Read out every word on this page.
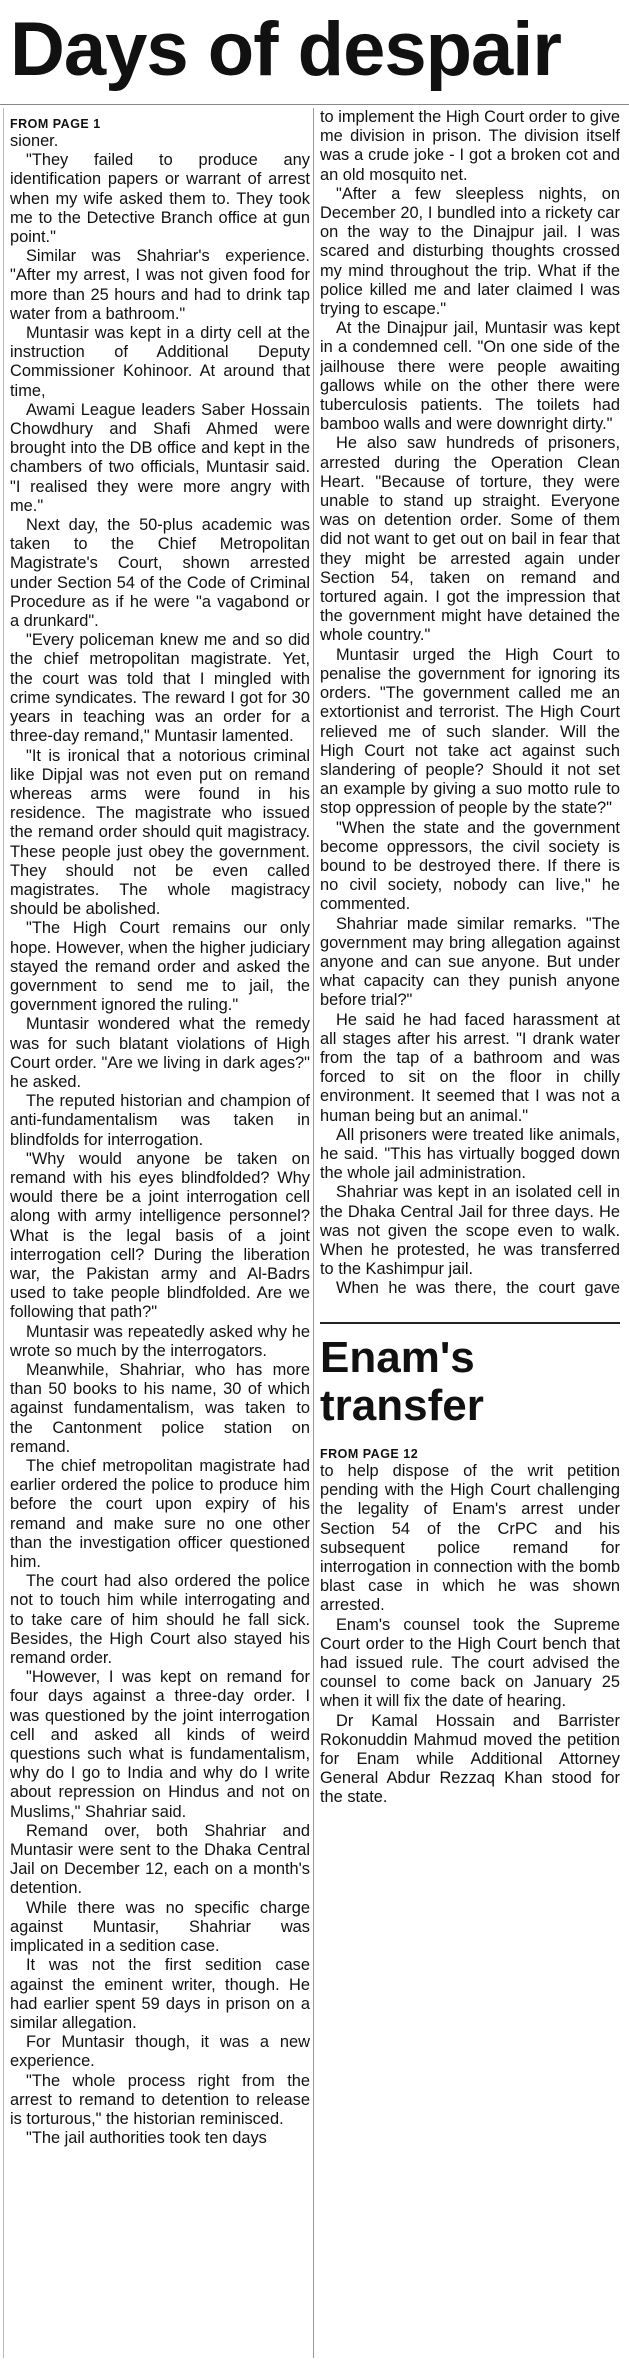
Days of despair
FROM PAGE 1

sioner.

"They failed to produce any identification papers or warrant of arrest when my wife asked them to. They took me to the Detective Branch office at gun point."

Similar was Shahriar's experience. "After my arrest, I was not given food for more than 25 hours and had to drink tap water from a bathroom."

Muntasir was kept in a dirty cell at the instruction of Additional Deputy Commissioner Kohinoor. At around that time,

Awami League leaders Saber Hossain Chowdhury and Shafi Ahmed were brought into the DB office and kept in the chambers of two officials, Muntasir said. "I realised they were more angry with me."

Next day, the 50-plus academic was taken to the Chief Metropolitan Magistrate's Court, shown arrested under Section 54 of the Code of Criminal Procedure as if he were "a vagabond or a drunkard".

"Every policeman knew me and so did the chief metropolitan magistrate. Yet, the court was told that I mingled with crime syndicates. The reward I got for 30 years in teaching was an order for a three-day remand," Muntasir lamented.

"It is ironical that a notorious criminal like Dipjal was not even put on remand whereas arms were found in his residence. The magistrate who issued the remand order should quit magistracy. These people just obey the government. They should not be even called magistrates. The whole magistracy should be abolished.

"The High Court remains our only hope. However, when the higher judiciary stayed the remand order and asked the government to send me to jail, the government ignored the ruling."

Muntasir wondered what the remedy was for such blatant violations of High Court order. "Are we living in dark ages?" he asked.

The reputed historian and champion of anti-fundamentalism was taken in blindfolds for interrogation.

"Why would anyone be taken on remand with his eyes blindfolded? Why would there be a joint interrogation cell along with army intelligence personnel? What is the legal basis of a joint interrogation cell? During the liberation war, the Pakistan army and Al-Badrs used to take people blindfolded. Are we following that path?"

Muntasir was repeatedly asked why he wrote so much by the interrogators.

Meanwhile, Shahriar, who has more than 50 books to his name, 30 of which against fundamentalism, was taken to the Cantonment police station on remand.

The chief metropolitan magistrate had earlier ordered the police to produce him before the court upon expiry of his remand and make sure no one other than the investigation officer questioned him.

The court had also ordered the police not to touch him while interrogating and to take care of him should he fall sick. Besides, the High Court also stayed his remand order.

"However, I was kept on remand for four days against a three-day order. I was questioned by the joint interrogation cell and asked all kinds of weird questions such what is fundamentalism, why do I go to India and why do I write about repression on Hindus and not on Muslims," Shahriar said.

Remand over, both Shahriar and Muntasir were sent to the Dhaka Central Jail on December 12, each on a month's detention.

While there was no specific charge against Muntasir, Shahriar was implicated in a sedition case.

It was not the first sedition case against the eminent writer, though. He had earlier spent 59 days in prison on a similar allegation.

For Muntasir though, it was a new experience.

"The whole process right from the arrest to remand to detention to release is torturous," the historian reminisced.

"The jail authorities took ten days

to implement the High Court order to give me division in prison. The division itself was a crude joke - I got a broken cot and an old mosquito net.

"After a few sleepless nights, on December 20, I bundled into a rickety car on the way to the Dinajpur jail. I was scared and disturbing thoughts crossed my mind throughout the trip. What if the police killed me and later claimed I was trying to escape."

At the Dinajpur jail, Muntasir was kept in a condemned cell. "On one side of the jailhouse there were people awaiting gallows while on the other there were tuberculosis patients. The toilets had bamboo walls and were downright dirty."

He also saw hundreds of prisoners, arrested during the Operation Clean Heart. "Because of torture, they were unable to stand up straight. Everyone was on detention order. Some of them did not want to get out on bail in fear that they might be arrested again under Section 54, taken on remand and tortured again. I got the impression that the government might have detained the whole country."

Muntasir urged the High Court to penalise the government for ignoring its orders. "The government called me an extortionist and terrorist. The High Court relieved me of such slander. Will the High Court not take act against such slandering of people? Should it not set an example by giving a suo motto rule to stop oppression of people by the state?"

"When the state and the government become oppressors, the civil society is bound to be destroyed there. If there is no civil society, nobody can live," he commented.

Shahriar made similar remarks. "The government may bring allegation against anyone and can sue anyone. But under what capacity can they punish anyone before trial?"

He said he had faced harassment at all stages after his arrest. "I drank water from the tap of a bathroom and was forced to sit on the floor in chilly environment. It seemed that I was not a human being but an animal."

All prisoners were treated like animals, he said. "This has virtually bogged down the whole jail administration.

Shahriar was kept in an isolated cell in the Dhaka Central Jail for three days. He was not given the scope even to walk. When he protested, he was transferred to the Kashimpur jail.

When he was there, the court gave

Enam's transfer
FROM PAGE 12

to help dispose of the writ petition pending with the High Court challenging the legality of Enam's arrest under Section 54 of the CrPC and his subsequent police remand for interrogation in connection with the bomb blast case in which he was shown arrested.

Enam's counsel took the Supreme Court order to the High Court bench that had issued rule. The court advised the counsel to come back on January 25 when it will fix the date of hearing.

Dr Kamal Hossain and Barrister Rokonuddin Mahmud moved the petition for Enam while Additional Attorney General Abdur Rezzaq Khan stood for the state.
